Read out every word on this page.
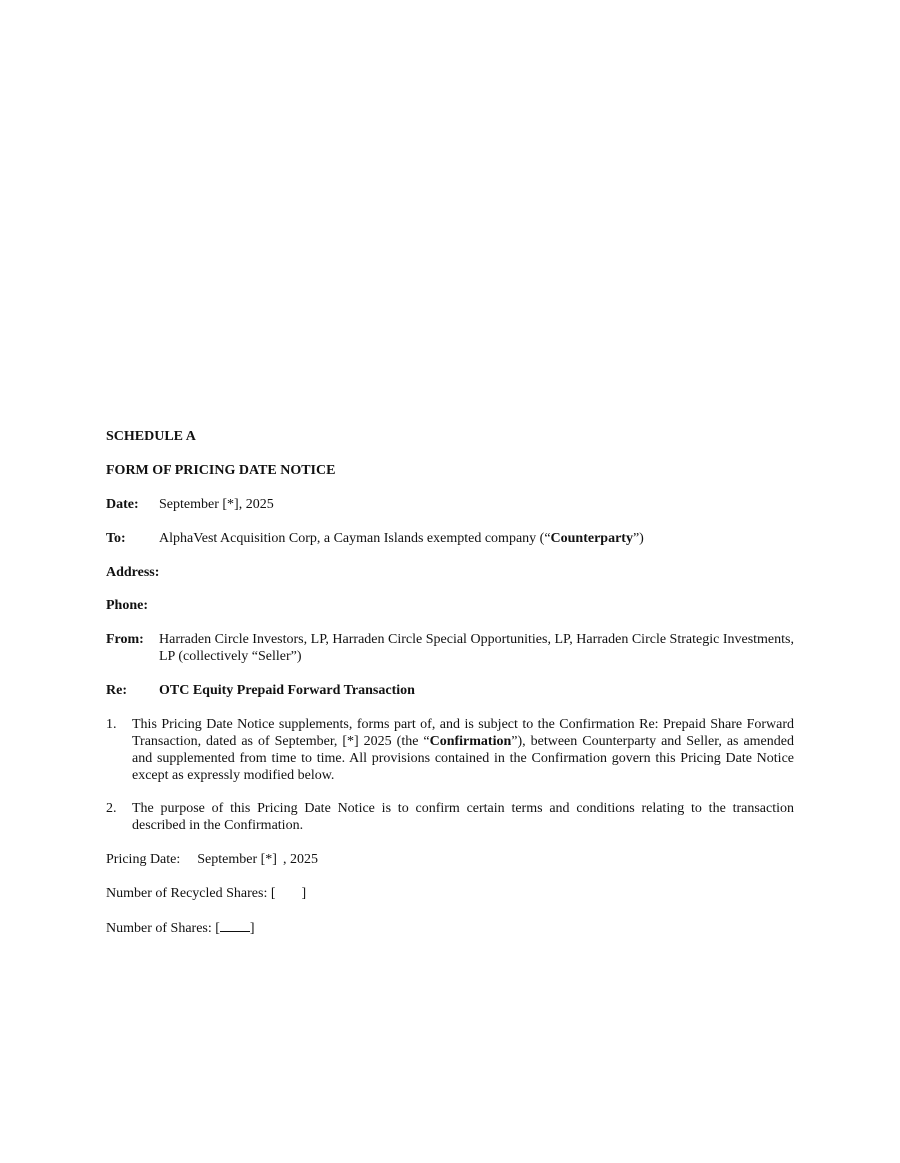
SCHEDULE A
FORM OF PRICING DATE NOTICE
Date: September [*], 2025
To: AlphaVest Acquisition Corp, a Cayman Islands exempted company (“Counterparty”)
Address:
Phone:
From: Harraden Circle Investors, LP, Harraden Circle Special Opportunities, LP, Harraden Circle Strategic Investments, LP (collectively “Seller”)
Re: OTC Equity Prepaid Forward Transaction
1. This Pricing Date Notice supplements, forms part of, and is subject to the Confirmation Re: Prepaid Share Forward Transaction, dated as of September, [*] 2025 (the “Confirmation”), between Counterparty and Seller, as amended and supplemented from time to time. All provisions contained in the Confirmation govern this Pricing Date Notice except as expressly modified below.
2. The purpose of this Pricing Date Notice is to confirm certain terms and conditions relating to the transaction described in the Confirmation.
Pricing Date: September [*] , 2025
Number of Recycled Shares: [ ]
Number of Shares: [ ]
